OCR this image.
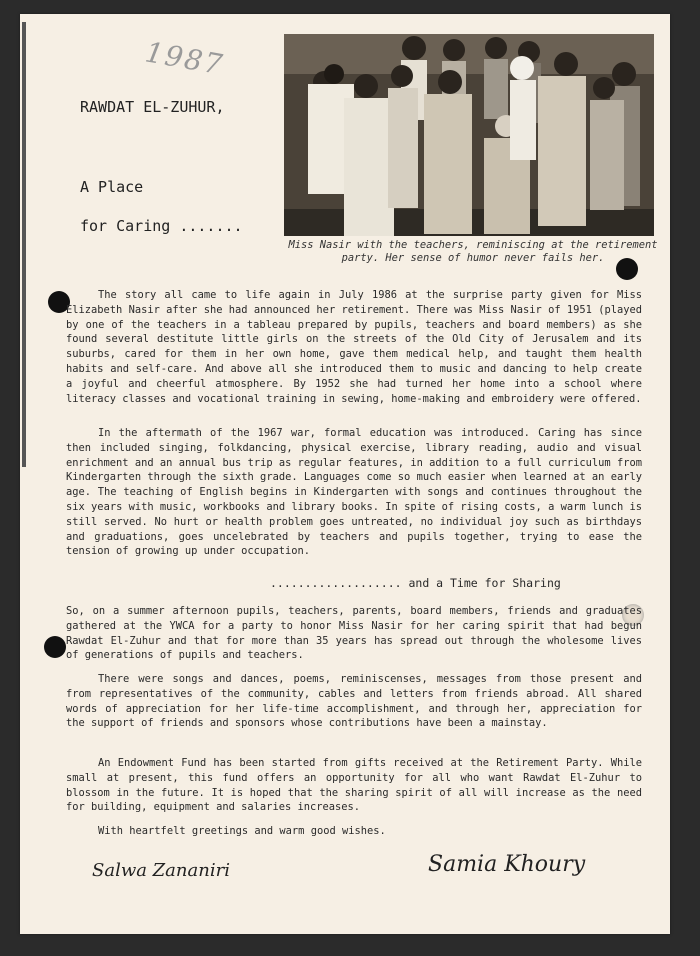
1987
RAWDAT EL-ZUHUR,
A Place
for Caring .......
Miss Nasir with the teachers, reminiscing at the retirement party. Her sense of humor never fails her.

The story all came to life again in July 1986 at the surprise party given for Miss Elizabeth Nasir after she had announced her retirement. There was Miss Nasir of 1951 (played by one of the teachers in a tableau prepared by pupils, teachers and board members) as she found several destitute little girls on the streets of the Old City of Jerusalem and its suburbs, cared for them in her own home, gave them medical help, and taught them health habits and self-care. And above all she introduced them to music and dancing to help create a joyful and cheerful atmosphere. By 1952 she had turned her home into a school where literacy classes and vocational training in sewing, home-making and embroidery were offered.

In the aftermath of the 1967 war, formal education was introduced. Caring has since then included singing, folkdancing, physical exercise, library reading, audio and visual enrichment and an annual bus trip as regular features, in addition to a full curriculum from Kindergarten through the sixth grade. Languages come so much easier when learned at an early age. The teaching of English begins in Kindergarten with songs and continues throughout the six years with music, workbooks and library books. In spite of rising costs, a warm lunch is still served. No hurt or health problem goes untreated, no individual joy such as birthdays and graduations, goes uncelebrated by teachers and pupils together, trying to ease the tension of growing up under occupation.

................... and a Time for Sharing

So, on a summer afternoon pupils, teachers, parents, board members, friends and graduates gathered at the YWCA for a party to honor Miss Nasir for her caring spirit that had begun Rawdat El-Zuhur and that for more than 35 years has spread out through the wholesome lives of generations of pupils and teachers.

There were songs and dances, poems, reminiscenses, messages from those present and from representatives of the community, cables and letters from friends abroad. All shared words of appreciation for her life-time accomplishment, and through her, appreciation for the support of friends and sponsors whose contributions have been a mainstay.

An Endowment Fund has been started from gifts received at the Retirement Party. While small at present, this fund offers an opportunity for all who want Rawdat El-Zuhur to blossom in the future. It is hoped that the sharing spirit of all will increase as the need for building, equipment and salaries increases.

With heartfelt greetings and warm good wishes.

Salwa Zananiri	Samia Khoury
